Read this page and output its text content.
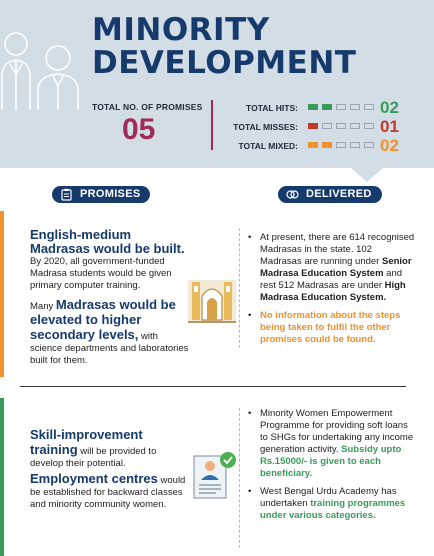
MINORITY
DEVELOPMENT
TOTAL NO. OF PROMISES
05
TOTAL HITS:	02
TOTAL MISSES:	01
TOTAL MIXED:	02
PROMISES	DELIVERED
English-medium Madrasas would be built.
By 2020, all government-funded Madrasa students would be given primary computer training.
Many Madrasas would be elevated to higher secondary levels, with science departments and laboratories built for them.
• At present, there are 614 recognised Madrasas in the state. 102 Madrasas are running under Senior Madrasa Education System and rest 512 Madrasas are under High Madrasa Education System.
• No information about the steps being taken to fulfil the other promises could be found.
Skill-improvement training will be provided to develop their potential.
Employment centres would be established for backward classes and minority community women.
• Minority Women Empowerment Programme for providing soft loans to SHGs for undertaking any income generation activity. Subsidy upto Rs.15000/- is given to each beneficiary.
• West Bengal Urdu Academy has undertaken training programmes under various categories.
